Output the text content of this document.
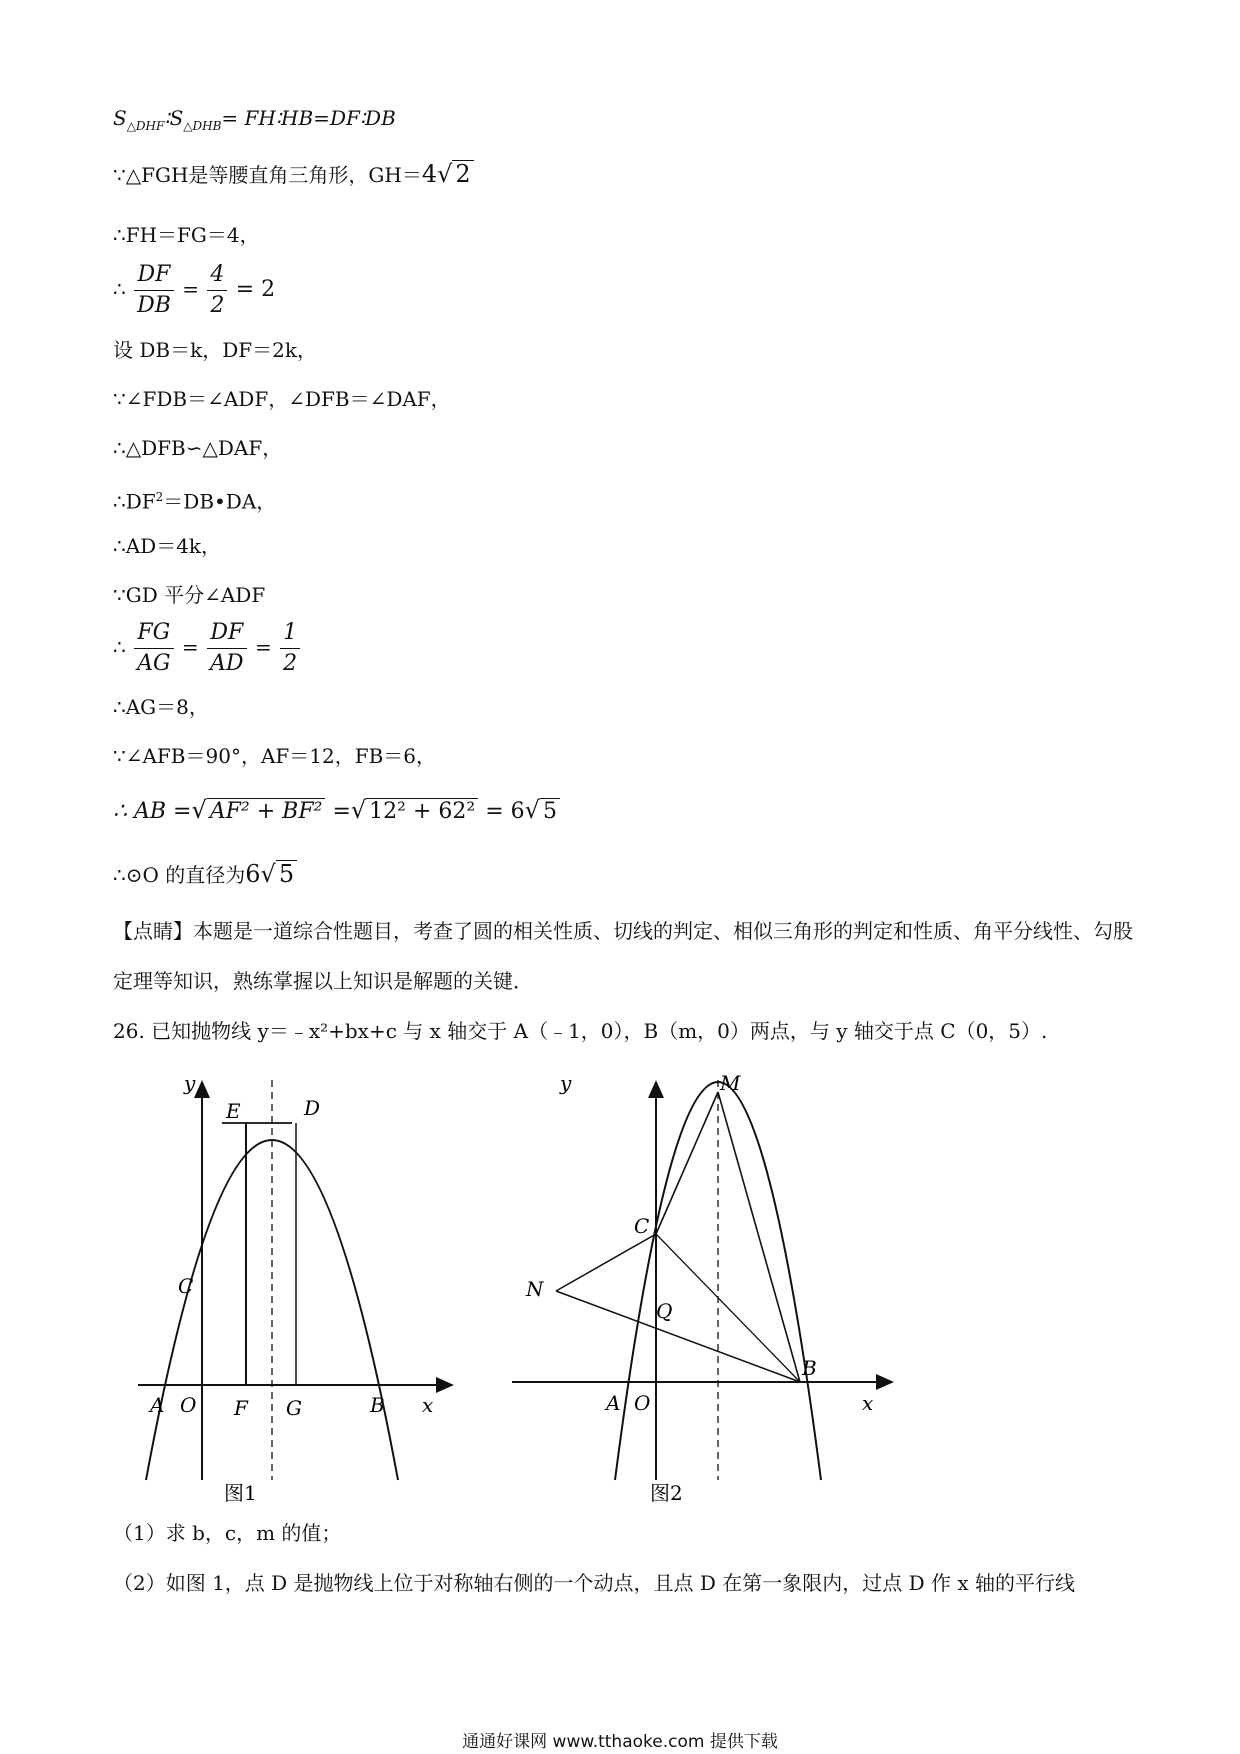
$S_{\triangle DHF}∶S_{\triangle DHB}=$ FH∶HB=DF∶DB
∵△FGH是等腰直角三角形，GH＝4√ 2
∴FH＝FG＝4，
∴ $\frac{DF}{DB} = \frac{4}{2} = 2$
设 DB＝k，DF＝2k，
∵∠FDB＝∠ADF，∠DFB＝∠DAF，
∴△DFB∽△DAF，
$\therefore DF^2=DB•DA$，
∴AD＝4k，
∵GD 平分∠ADF
∴ $\frac{FG}{AG} = \frac{DF}{AD} = \frac{1}{2}$
∴AG＝8，
∵∠AFB＝90°，AF＝12，FB＝6，
∴ AB =√ AF² + BF² =√ 12² + 62² = 6√ 5
∴⊙O 的直径为6√ 5
【点睛】本题是一道综合性题目，考查了圆的相关性质、切线的判定、相似三角形的判定和性质、角平分线性、勾股定理等知识，熟练掌握以上知识是解题的关键．
26. 已知抛物线 y＝﹣x²+bx+c 与 x 轴交于 A（﹣1，0），B（m，0）两点，与 y 轴交于点 C（0，5）.
E	D
C
y
A O F G	B x
图1
y	M
C
N
Q
B
A O	x
图2
（1）求 b，c，m 的值；
（2）如图 1，点 D 是抛物线上位于对称轴右侧的一个动点，且点 D 在第一象限内，过点 D 作 x 轴的平行线
通通好课网 www.tthaoke.com 提供下载
